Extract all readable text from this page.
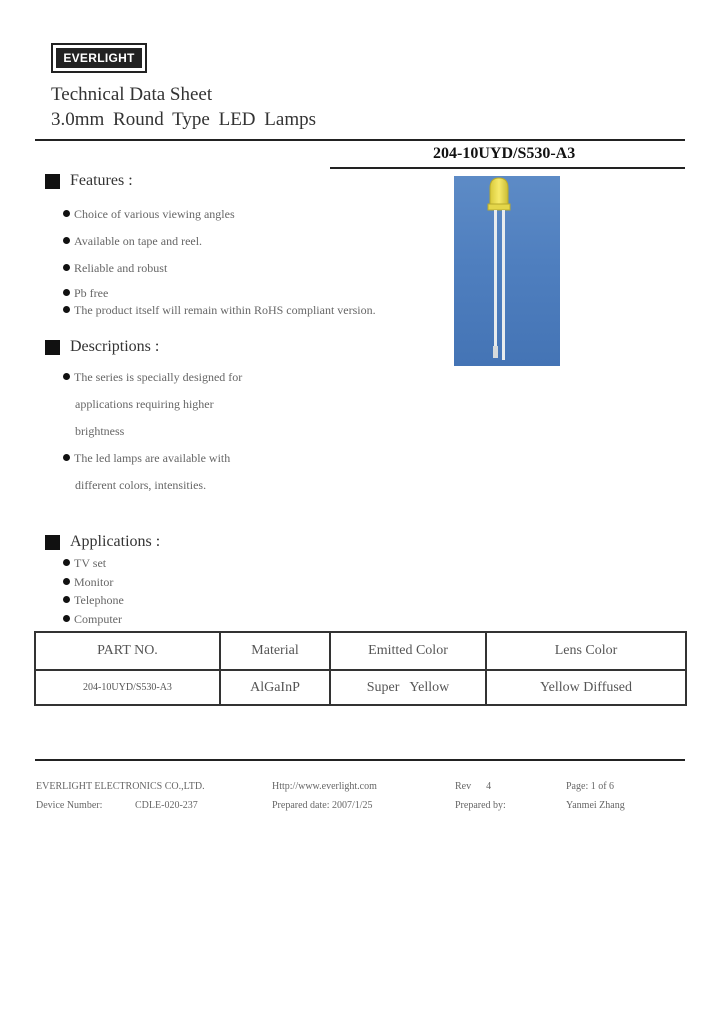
EVERLIGHT
Technical Data Sheet
3.0mm Round Type LED Lamps
204-10UYD/S530-A3
Features :
Choice of various viewing angles
Available on tape and reel.
Reliable and robust
Pb free
The product itself will remain within RoHS compliant version.
Descriptions :
The series is specially designed for
applications requiring higher
brightness
The led lamps are available with
different colors, intensities.
Applications :
TV set
Monitor
Telephone
Computer
PART NO.	Material	Emitted Color	Lens Color
204-10UYD/S530-A3	AlGaInP	Super   Yellow	Yellow Diffused
EVERLIGHT ELECTRONICS CO.,LTD.	Http://www.everlight.com	Rev      4	Page: 1 of 6
Device Number:	CDLE-020-237	Prepared date: 2007/1/25	Prepared by:	Yanmei Zhang
